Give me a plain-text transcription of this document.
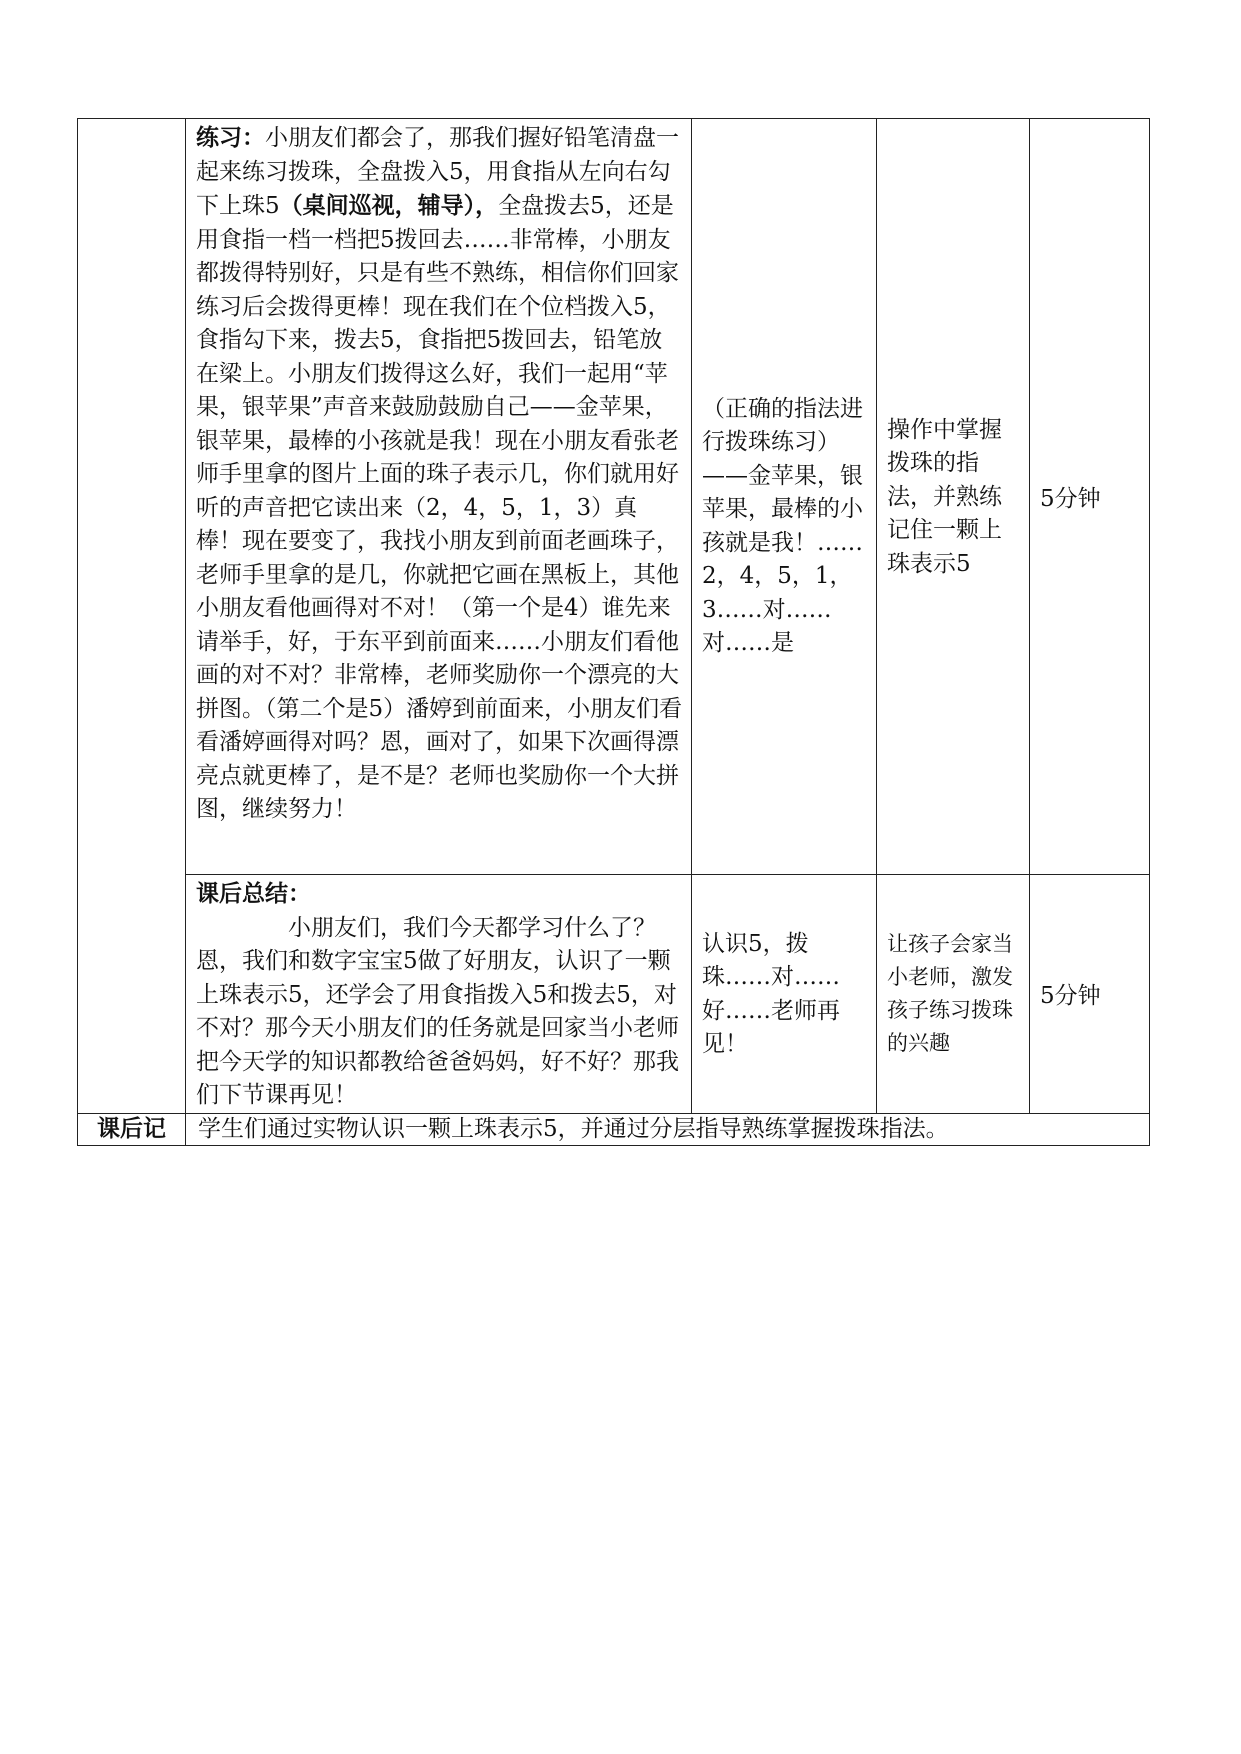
	练习：小朋友们都会了，那我们握好铅笔清盘一起来练习拨珠，全盘拨入5，用食指从左向右勾下上珠5（桌间巡视，辅导），全盘拨去5，还是用食指一档一档把5拨回去……非常棒，小朋友都拨得特别好，只是有些不熟练，相信你们回家练习后会拨得更棒！现在我们在个位档拨入5，食指勾下来，拨去5，食指把5拨回去，铅笔放在梁上。小朋友们拨得这么好，我们一起用“苹果，银苹果”声音来鼓励鼓励自己——金苹果，银苹果，最棒的小孩就是我！现在小朋友看张老师手里拿的图片上面的珠子表示几，你们就用好听的声音把它读出来（2，4，5，1，3）真棒！现在要变了，我找小朋友到前面老画珠子，老师手里拿的是几，你就把它画在黑板上，其他小朋友看他画得对不对！（第一个是4）谁先来请举手，好，于东平到前面来……小朋友们看他画的对不对？非常棒，老师奖励你一个漂亮的大拼图。（第二个是5）潘婷到前面来，小朋友们看看潘婷画得对吗？恩，画对了，如果下次画得漂亮点就更棒了，是不是？老师也奖励你一个大拼图，继续努力！	（正确的指法进行拨珠练习）——金苹果，银苹果，最棒的小孩就是我！……2，4，5，1，3……对……对……是	操作中掌握拨珠的指法，并熟练记住一颗上珠表示5	5分钟

	课后总结：
小朋友们，我们今天都学习什么了？恩，我们和数字宝宝5做了好朋友，认识了一颗上珠表示5，还学会了用食指拨入5和拨去5，对不对？那今天小朋友们的任务就是回家当小老师把今天学的知识都教给爸爸妈妈，好不好？那我们下节课再见！	认识5，拨珠……对……好……老师再见！	让孩子会家当小老师，激发孩子练习拨珠的兴趣	5分钟

课后记	学生们通过实物认识一颗上珠表示5，并通过分层指导熟练掌握拨珠指法。			
